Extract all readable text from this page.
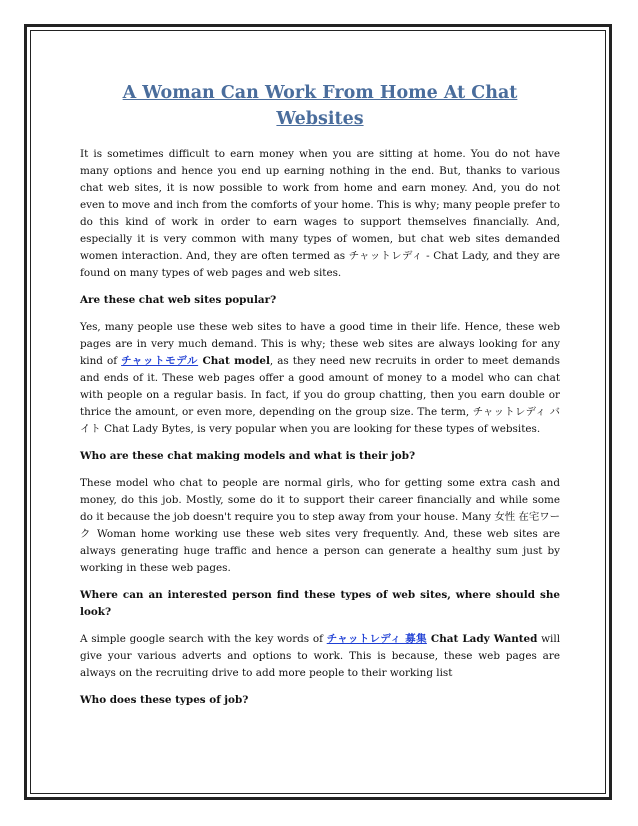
A Woman Can Work From Home At Chat Websites

It is sometimes difficult to earn money when you are sitting at home. You do not have many options and hence you end up earning nothing in the end. But, thanks to various chat web sites, it is now possible to work from home and earn money. And, you do not even to move and inch from the comforts of your home. This is why; many people prefer to do this kind of work in order to earn wages to support themselves financially. And, especially it is very common with many types of women, but chat web sites demanded women interaction. And, they are often termed as チャットレディ - Chat Lady, and they are found on many types of web pages and web sites.

Are these chat web sites popular?

Yes, many people use these web sites to have a good time in their life. Hence, these web pages are in very much demand. This is why; these web sites are always looking for any kind of チャットモデル Chat model, as they need new recruits in order to meet demands and ends of it. These web pages offer a good amount of money to a model who can chat with people on a regular basis. In fact, if you do group chatting, then you earn double or thrice the amount, or even more, depending on the group size. The term, チャットレディ バイト Chat Lady Bytes, is very popular when you are looking for these types of websites.

Who are these chat making models and what is their job?

These model who chat to people are normal girls, who for getting some extra cash and money, do this job. Mostly, some do it to support their career financially and while some do it because the job doesn't require you to step away from your house. Many 女性 在宅ワーク Woman home working use these web sites very frequently. And, these web sites are always generating huge traffic and hence a person can generate a healthy sum just by working in these web pages.

Where can an interested person find these types of web sites, where should she look?

A simple google search with the key words of チャットレディ 募集 Chat Lady Wanted will give your various adverts and options to work. This is because, these web pages are always on the recruiting drive to add more people to their working list

Who does these types of job?
